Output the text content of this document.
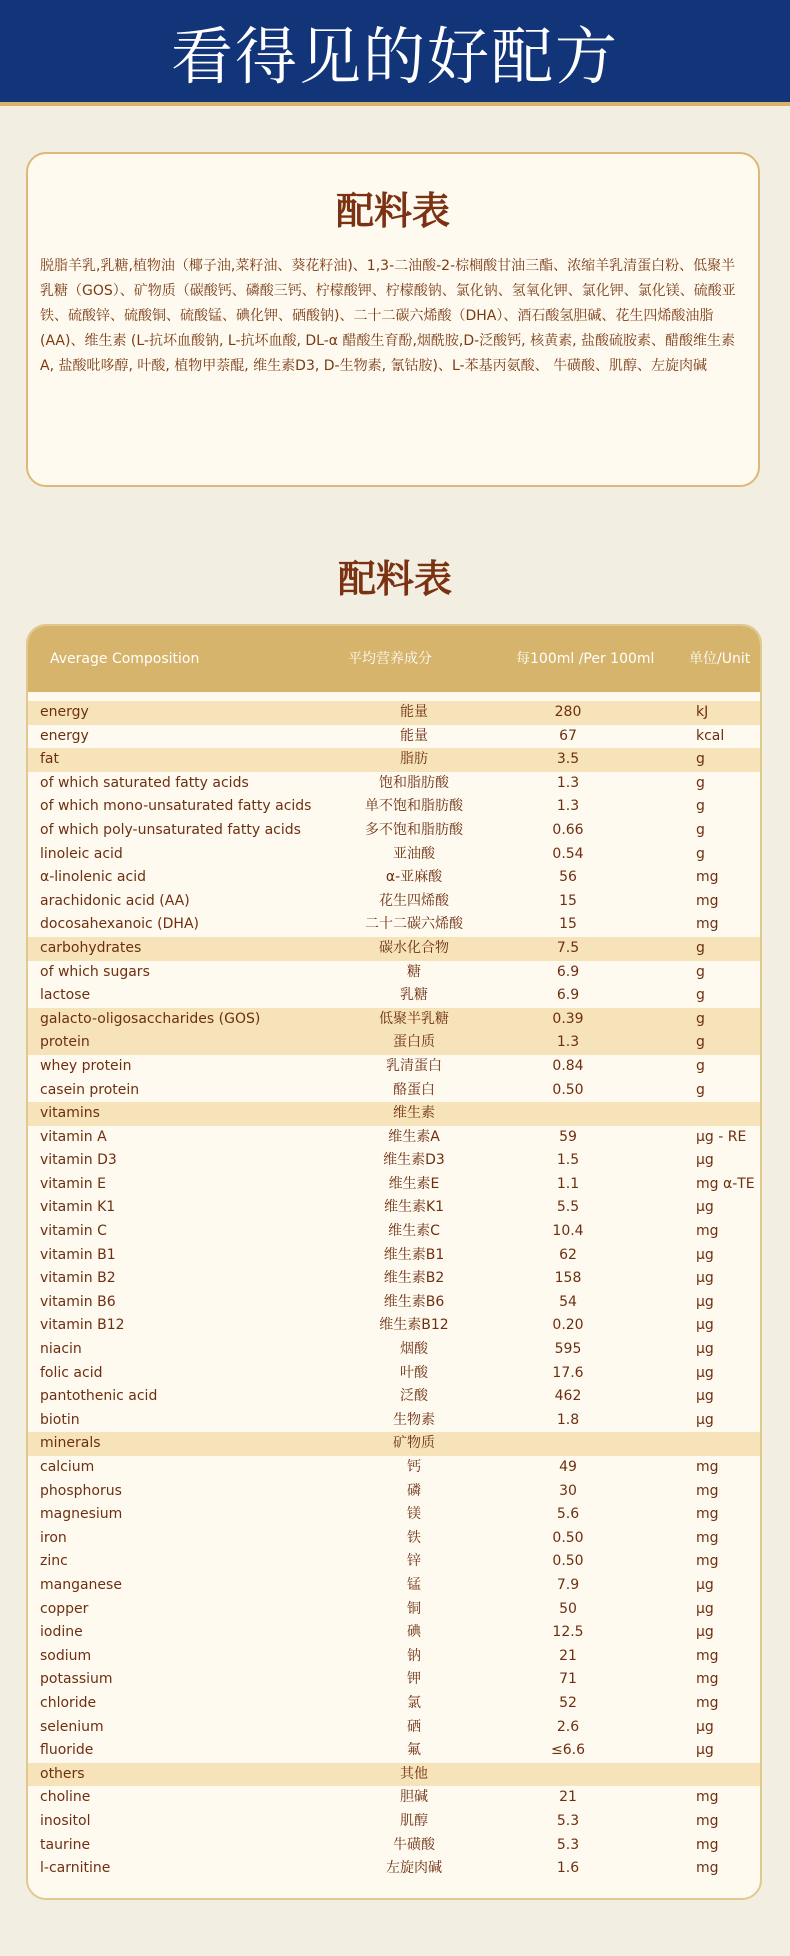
看得见的好配方
配料表
脱脂羊乳,乳糖,植物油（椰子油,菜籽油、葵花籽油)、1,3-二油酸-2-棕榈酸甘油三酯、浓缩羊乳清蛋白粉、低聚半乳糖（GOS）、矿物质（碳酸钙、磷酸三钙、柠檬酸钾、柠檬酸钠、氯化钠、氢氧化钾、氯化钾、氯化镁、硫酸亚铁、硫酸锌、硫酸铜、硫酸锰、碘化钾、硒酸钠)、二十二碳六烯酸（DHA）、酒石酸氢胆碱、花生四烯酸油脂(AA)、维生素 (L-抗坏血酸钠, L-抗坏血酸, DL-α 醋酸生育酚,烟酰胺,D-泛酸钙, 核黄素, 盐酸硫胺素、醋酸维生素A, 盐酸吡哆醇, 叶酸, 植物甲萘醌, 维生素D3, D-生物素, 氰钴胺)、L-苯基丙氨酸、 牛磺酸、肌醇、左旋肉碱
配料表
Average Composition	平均营养成分	每100ml /Per 100ml 单位/Unit
energy	能量	280	kJ
energy	能量	67	kcal
fat	脂肪	3.5	g
of which saturated fatty acids	饱和脂肪酸	1.3	g
of which mono-unsaturated fatty acids	单不饱和脂肪酸	1.3	g
of which poly-unsaturated fatty acids	多不饱和脂肪酸	0.66	g
linoleic acid	亚油酸	0.54	g
α-linolenic acid	α-亚麻酸	56	mg
arachidonic acid (AA)	花生四烯酸	15	mg
docosahexanoic (DHA)	二十二碳六烯酸	15	mg
carbohydrates	碳水化合物	7.5	g
of which sugars	糖	6.9	g
lactose	乳糖	6.9	g
galacto-oligosaccharides (GOS)	低聚半乳糖	0.39	g
protein	蛋白质	1.3	g
whey protein	乳清蛋白	0.84	g
casein protein	酪蛋白	0.50	g
vitamins	维生素
vitamin A	维生素A	59	μg - RE
vitamin D3	维生素D3	1.5	μg
vitamin E	维生素E	1.1	mg α-TE
vitamin K1	维生素K1	5.5	μg
vitamin C	维生素C	10.4	mg
vitamin B1	维生素B1	62	μg
vitamin B2	维生素B2	158	μg
vitamin B6	维生素B6	54	μg
vitamin B12	维生素B12	0.20	μg
niacin	烟酸	595	μg
folic acid	叶酸	17.6	μg
pantothenic acid	泛酸	462	μg
biotin	生物素	1.8	μg
minerals	矿物质
calcium	钙	49	mg
phosphorus	磷	30	mg
magnesium	镁	5.6	mg
iron	铁	0.50	mg
zinc	锌	0.50	mg
manganese	锰	7.9	μg
copper	铜	50	μg
iodine	碘	12.5	μg
sodium	钠	21	mg
potassium	钾	71	mg
chloride	氯	52	mg
selenium	硒	2.6	μg
fluoride	氟	≤6.6	μg
others	其他
choline	胆碱	21	mg
inositol	肌醇	5.3	mg
taurine	牛磺酸	5.3	mg
l-carnitine	左旋肉碱	1.6	mg
